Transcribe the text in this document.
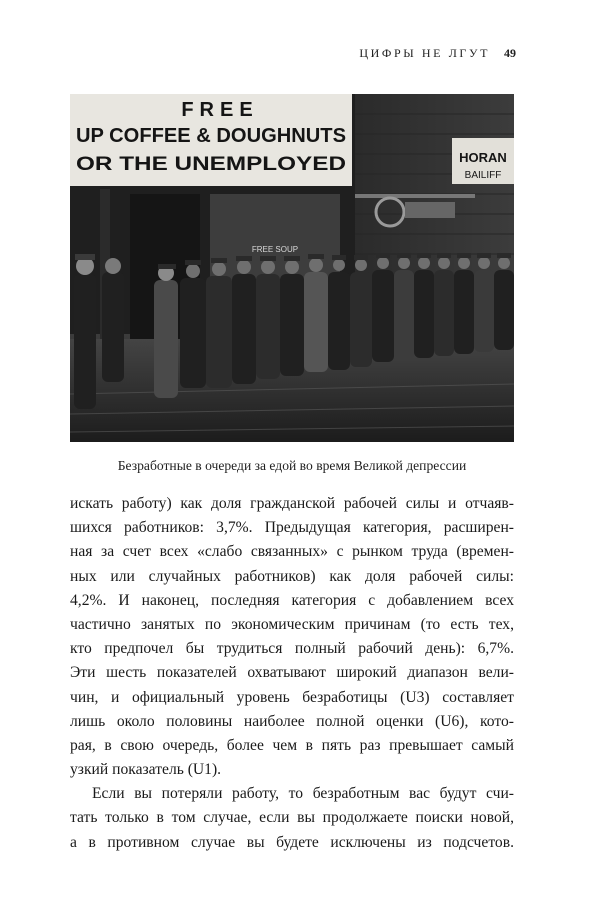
ЦИФРЫ НЕ ЛГУТ 49
FREE
UP COFFEE & DOUGHNUTS
OR THE UNEMPLOYED
FREE SOUP
HORAN
BAILIFF
Безработные в очереди за едой во время Великой депрессии
искать работу) как доля гражданской рабочей силы и отчаяв-
шихся работников: 3,7%. Предыдущая категория, расширен-
ная за счет всех «слабо связанных» с рынком труда (времен-
ных или случайных работников) как доля рабочей силы:
4,2%. И наконец, последняя категория с добавлением всех
частично занятых по экономическим причинам (то есть тех,
кто предпочел бы трудиться полный рабочий день): 6,7%.
Эти шесть показателей охватывают широкий диапазон вели-
чин, и официальный уровень безработицы (U3) составляет
лишь около половины наиболее полной оценки (U6), кото-
рая, в свою очередь, более чем в пять раз превышает самый
узкий показатель (U1).
Если вы потеряли работу, то безработным вас будут счи-
тать только в том случае, если вы продолжаете поиски новой,
а в противном случае вы будете исключены из подсчетов.
